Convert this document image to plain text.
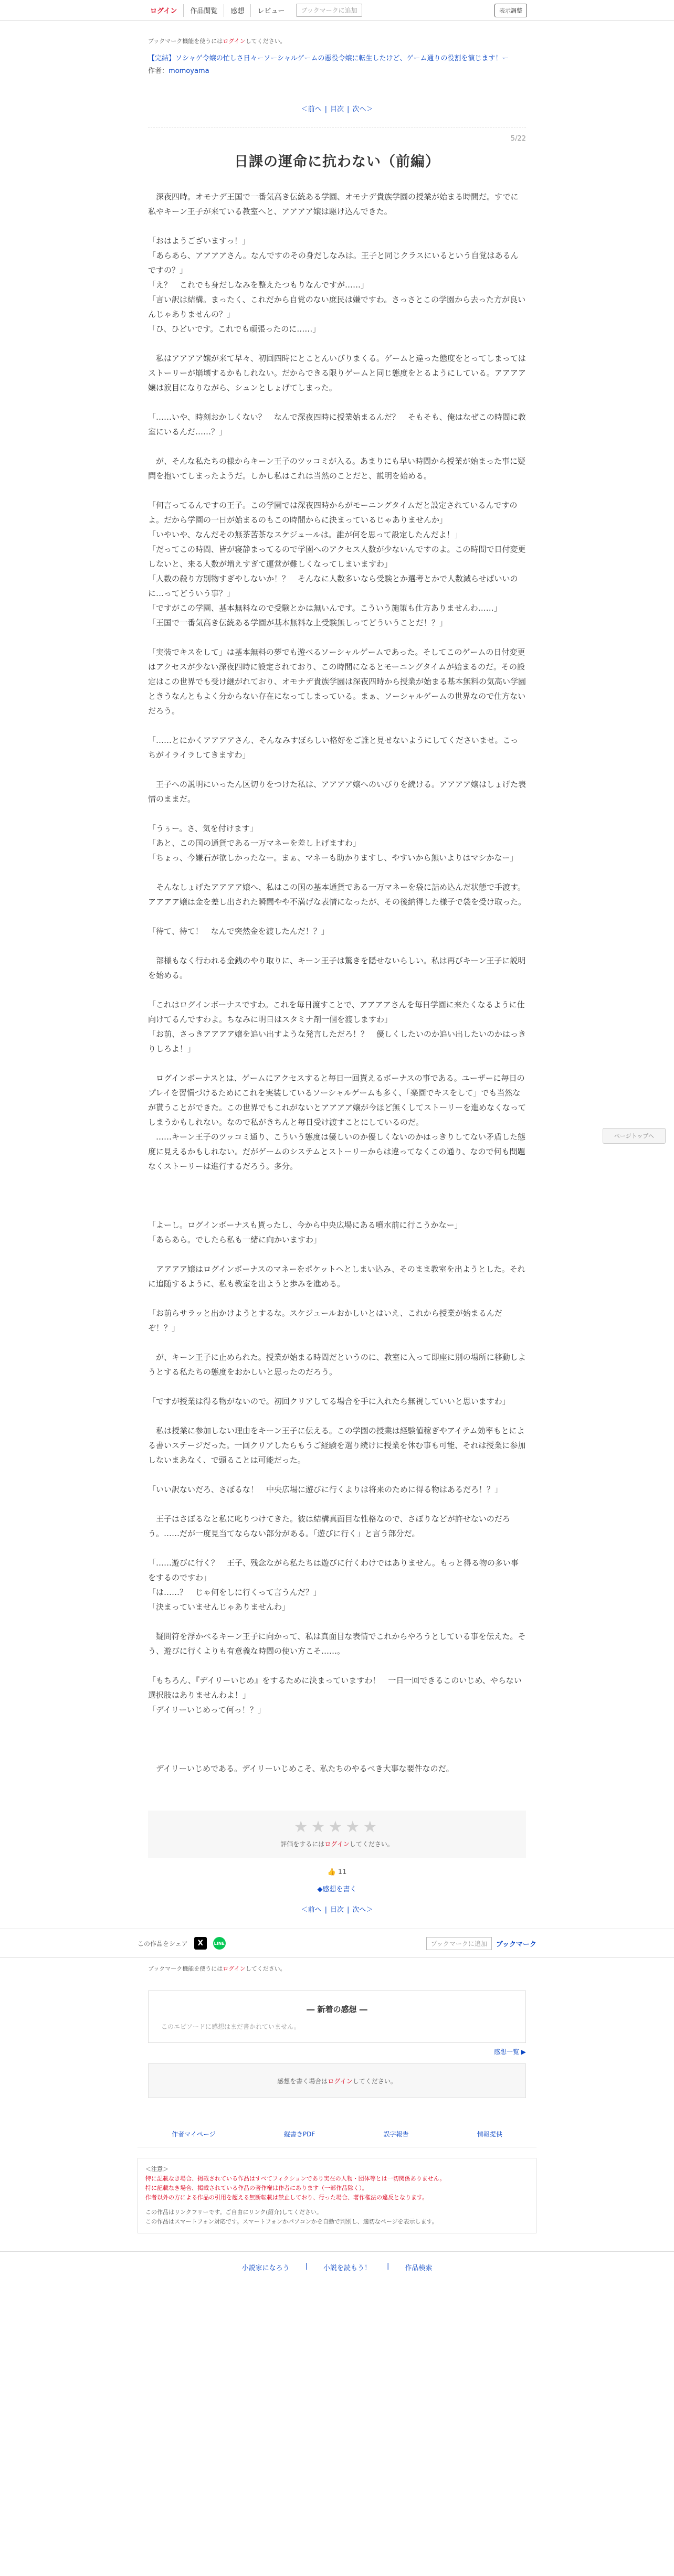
ログイン	作品閲覧	感想	レビュー	ブックマークに追加	表示調整
ブックマーク機能を使うにはログインしてください。
【完結】ソシャゲ令嬢の忙しさ日々ーソーシャルゲームの悪役令嬢に転生したけど、ゲーム通りの役割を演じます！ー
作者：momoyama
＜前へ | 目次 | 次へ＞
5/22
日課の運命に抗わない（前編）

　深夜四時。オモナデ王国で一番気高き伝統ある学園、オモナデ貴族学園の授業が始まる時間だ。すでに私やキーン王子が来ている教室へと、アアアア嬢は駆け込んできた。

「おはようございますっ！」

「あらあら、アアアアさん。なんですのその身だしなみは。王子と同じクラスにいるという自覚はあるんですの？」

「え？　これでも身だしなみを整えたつもりなんですが……」

「言い訳は結構。まったく、これだから自覚のない庶民は嫌ですわ。さっさとこの学園から去った方が良いんじゃありませんの？」

「ひ、ひどいです。これでも頑張ったのに……」

　私はアアアア嬢が来て早々、初回四時にとことんいびりまくる。ゲームと違った態度をとってしまってはストーリーが崩壊するかもしれない。だからできる限りゲームと同じ態度をとるようにしている。アアアア嬢は涙目になりながら、シュンとしょげてしまった。

「……いや、時刻おかしくない？　なんで深夜四時に授業始まるんだ？　そもそも、俺はなぜこの時間に教室にいるんだ……？」

　が、そんな私たちの様からキーン王子のツッコミが入る。あまりにも早い時間から授業が始まった事に疑問を抱いてしまったようだ。しかし私はこれは当然のことだと、説明を始める。

「何言ってるんですの王子。この学園では深夜四時からがモーニングタイムだと設定されているんですのよ。だから学園の一日が始まるのもこの時間からに決まっているじゃありませんか」

「いやいや、なんだその無茶苦茶なスケジュールは。誰が何を思って設定したんだよ！」

「だってこの時間、皆が寝静まってるので学園へのアクセス人数が少ないんですのよ。この時間で日付変更しないと、来る人数が増えすぎて運営が難しくなってしまいますわ」

「人数の殺り方別物すぎやしないか！？　そんなに人数多いなら受験とか選考とかで人数減らせばいいのに…ってどういう事？」

「ですがこの学園、基本無料なので受験とかは無いんです。こういう施策も仕方ありませんわ……」

「王国で一番気高き伝統ある学園が基本無料な上受験無しってどういうことだ！？」

「実装でキスをして」は基本無料の夢でも遊べるソーシャルゲームであった。そしてこのゲームの日付変更はアクセスが少ない深夜四時に設定されており、この時間になるとモーニングタイムが始まるのだ。その設定はこの世界でも受け継がれており、オモナデ貴族学園は深夜四時から授業が始まる基本無料の気高い学園ときうなんともよく分からない存在になってしまっている。まぁ、ソーシャルゲームの世界なので仕方ないだろう。

「……とにかくアアアアさん、そんなみすぼらしい格好をご誰と見せないようにしてくださいませ。こっちがイライラしてきますわ」

　王子への説明にいったん区切りをつけた私は、アアアア嬢へのいびりを続ける。アアアア嬢はしょげた表情のままだ。

「うぅー。さ、気を付けます」

「あと、この国の通貨である一万マネーを差し上げますわ」

「ちょっ、今嫌石が欲しかったなー。まぁ、マネーも助かりますし、やすいから無いよりはマシかなー」

　そんなしょげたアアアア嬢へ、私はこの国の基本通貨である一万マネーを袋に詰め込んだ状態で手渡す。アアアア嬢は金を差し出された瞬間やや不満げな表情になったが、その後納得した様子で袋を受け取った。

「待て、待て！　なんで突然金を渡したんだ！？」

　部様もなく行われる金銭のやり取りに、キーン王子は驚きを隠せないらしい。私は再びキーン王子に説明を始める。

「これはログインボーナスですわ。これを毎日渡すことで、アアアアさんを毎日学園に来たくなるように仕向けてるんですわよ。ちなみに明日はスタミナ剤一個を渡しますわ」

「お前、さっきアアアア嬢を追い出すような発言しただろ！？　優しくしたいのか追い出したいのかはっきりしろよ！」

　ログインボーナスとは、ゲームにアクセスすると毎日一回貰えるボーナスの事である。ユーザーに毎日のプレイを習慣づけるためにこれを実装しているソーシャルゲームも多く、「楽園でキスをして」でも当然なが貰うことができた。この世界でもこれがないとアアアア嬢が今ほど無くしてストーリーを進めなくなってしまうかもしれない。なので私がきちんと毎日受け渡すことにしているのだ。

　……キーン王子のツッコミ通り、こういう態度は優しいのか優しくないのかはっきりしてない矛盾した態度に見えるかもしれない。だがゲームのシステムとストーリーからは違ってなくこの通り、なので何も問題なくストーリーは進行するだろう。多分。

「よーし。ログインボーナスも貰ったし、今から中央広場にある噴水前に行こうかなー」

「あらあら。でしたら私も一緒に向かいますわ」

　アアアア嬢はログインボーナスのマネーをポケットへとしまい込み、そのまま教室を出ようとした。それに追随するように、私も教室を出ようと歩みを進める。

「お前らサラッと出かけようとするな。スケジュールおかしいとはいえ、これから授業が始まるんだぞ！？」

　が、キーン王子に止められた。授業が始まる時間だというのに、教室に入って即座に別の場所に移動しようとする私たちの態度をおかしいと思ったのだろう。

「ですが授業は得る物がないので。初回クリアしてる場合を手に入れたら無視していいと思いますわ」

　私は授業に参加しない理由をキーン王子に伝える。この学園の授業は経験値稼ぎやアイテム効率もとによる書いステージだった。一回クリアしたらもうご経験を選り続けに授業を休む事も可能、それは授業に参加しないまあなく、で頭ることは可能だった。

「いい訳ないだろ、さぼるな！　中央広場に遊びに行くよりは将来のために得る物はあるだろ！？」

　王子はさぼるなと私に叱りつけてきた。彼は結構真面目な性格なので、さぼりなどが許せないのだろう。……だが一度見当てならない部分がある。「遊びに行く」と言う部分だ。

「……遊びに行く？　王子、残念ながら私たちは遊びに行くわけではありません。もっと得る物の多い事をするのですわ」

「は……？　じゃ何をしに行くって言うんだ？」

「決まっていませんじゃありませんわ」

　疑問符を浮かべるキーン王子に向かって、私は真面目な表情でこれからやろうとしている事を伝えた。そう、遊びに行くよりも有意義な時間の使い方こそ……。

「もちろん、『デイリーいじめ』をするために決まっていますわ！　一日一回できるこのいじめ、やらない選択肢はありませんわよ！」

「デイリーいじめって何っ！？」

　デイリーいじめである。デイリーいじめこそ、私たちのやるべき大事な要件なのだ。

★★★★★
評価をするにはログインしてください。
👍 11
◆感想を書く
＜前へ | 目次 | 次へ＞
ページトップへ
この作品をシェア	X	LINE	ブックマークに追加	ブックマーク
ブックマーク機能を使うにはログインしてください。
― 新着の感想 ―
このエピソードに感想はまだ書かれていません。
感想一覧 ▶
感想を書く場合は ログイン してください。
作者マイページ	縦書きPDF	誤字報告	情報提供
＜注意＞
特に記載なき場合、掲載されている作品はすべてフィクションであり実在の人物・団体等とは一切関係ありません。
特に記載なき場合、掲載されている作品の著作権は作者にあります（一部作品除く）。
作者以外の方による作品の引用を超える無断転載は禁止しており、行った場合、著作権法の違反となります。
この作品はリンクフリーです。ご自由にリンク(紹介)してください。
この作品はスマートフォン対応です。スマートフォンかパソコンかを自動で判別し、適切なページを表示します。
小説家になろう | 小説を読もう！ | 作品検索
